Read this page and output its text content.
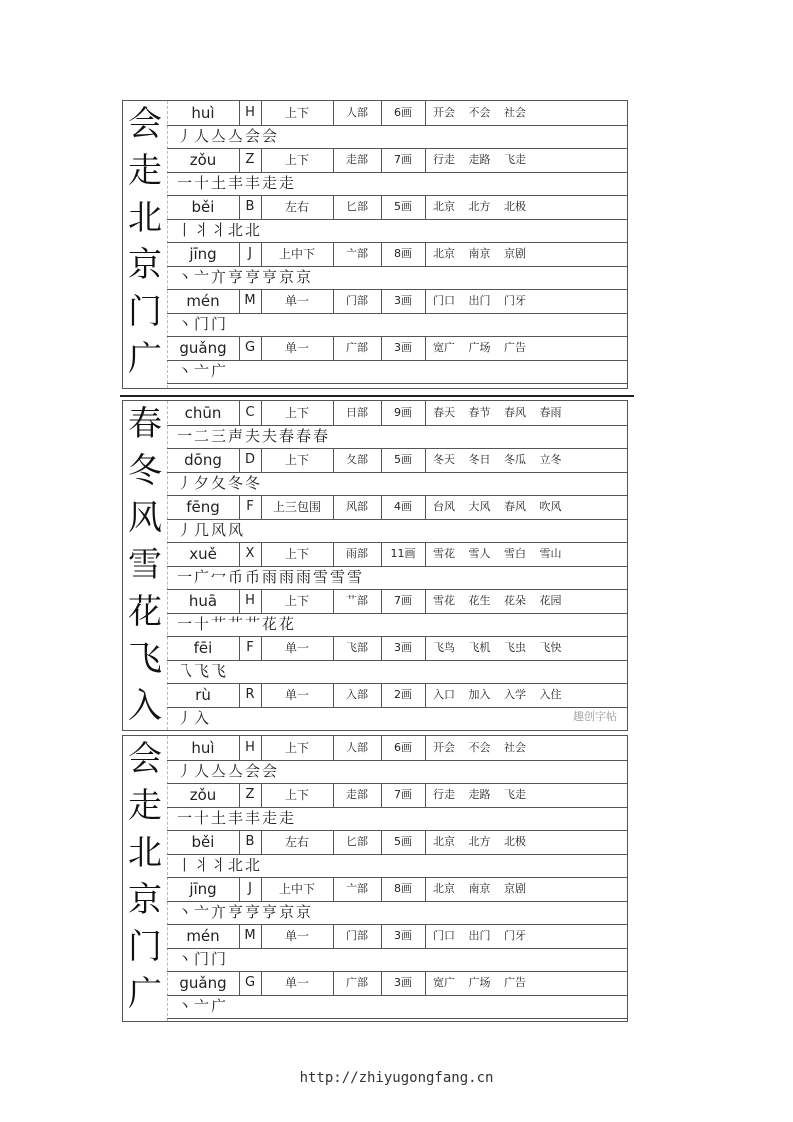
会
走
北
京
门
广
huì	H	上下	人部	6画	开会 不会 社会
丿人亼亼会会
zǒu	Z	上下	走部	7画	行走 走路 飞走
一十土丰丰走走
běi	B	左右	匕部	5画	北京 北方 北极
丨丬丬北北
jīng	J	上中下	亠部	8画	北京 南京 京剧
丶亠亣亨亨亨京京
mén	M	单一	门部	3画	门口 出门 门牙
丶门门
guǎng	G	单一	广部	3画	宽广 广场 广告
丶亠广
春
冬
风
雪
花
飞
入
chūn	C	上下	日部	9画	春天 春节 春风 春雨
一二三声夫夫春春春
dōng	D	上下	夂部	5画	冬天 冬日 冬瓜 立冬
丿夕夂冬冬
fēng	F	上三包围	风部	4画	台风 大风 春风 吹风
丿几风风
xuě	X	上下	雨部	11画	雪花 雪人 雪白 雪山
一广冖币币雨雨雨雪雪雪
huā	H	上下	艹部	7画	雪花 花生 花朵 花园
一十艹艹艹花花
fēi	F	单一	飞部	3画	飞鸟 飞机 飞虫 飞快
乁飞飞
rù	R	单一	入部	2画	入口 加入 入学 入住
丿入	趣创字帖
会
走
北
京
门
广
huì	H	上下	人部	6画	开会 不会 社会
丿人亼亼会会
zǒu	Z	上下	走部	7画	行走 走路 飞走
一十土丰丰走走
běi	B	左右	匕部	5画	北京 北方 北极
丨丬丬北北
jīng	J	上中下	亠部	8画	北京 南京 京剧
丶亠亣亨亨亨京京
mén	M	单一	门部	3画	门口 出门 门牙
丶门门
guǎng	G	单一	广部	3画	宽广 广场 广告
丶亠广
http://zhiyugongfang.cn
